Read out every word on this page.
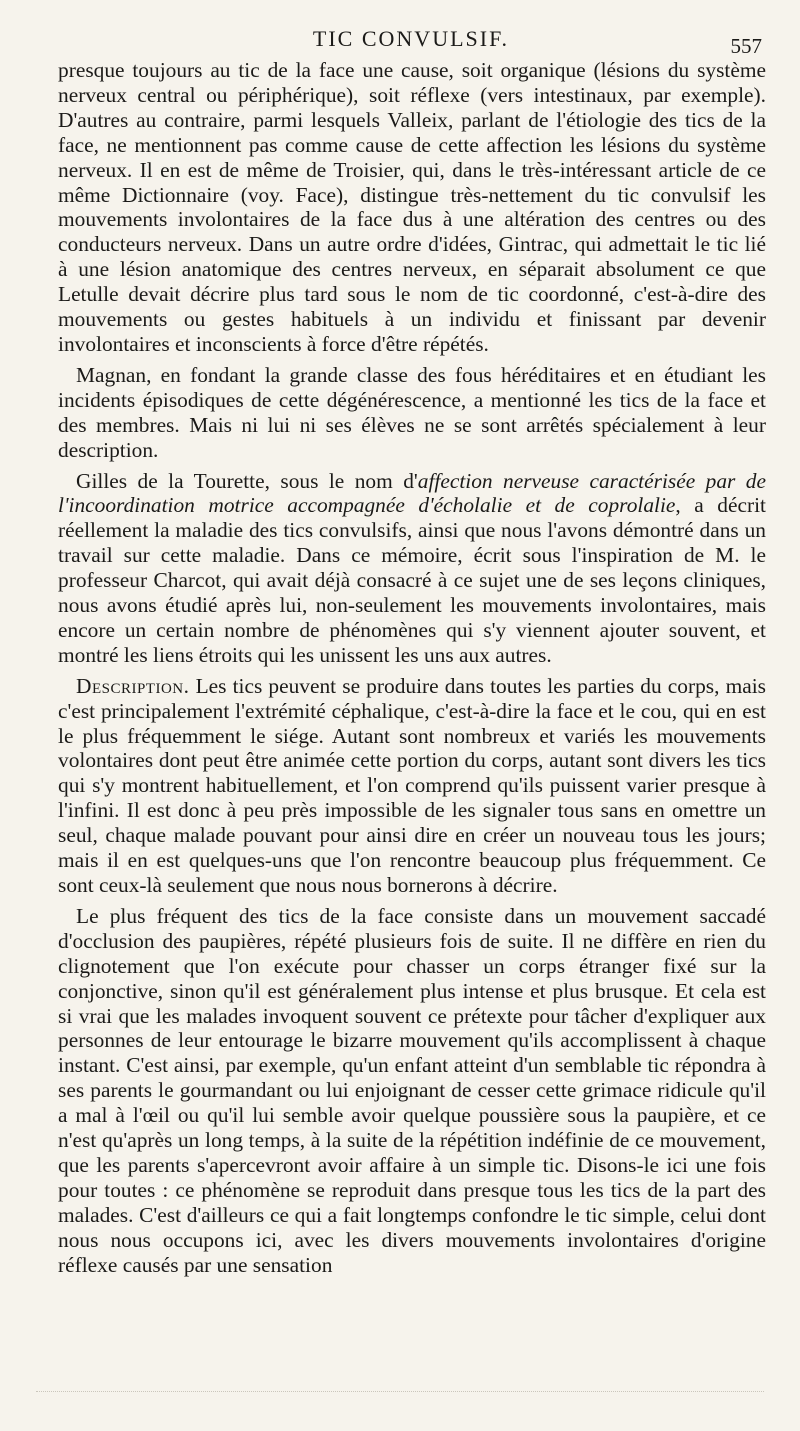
TIC CONVULSIF.	557

presque toujours au tic de la face une cause, soit organique (lésions du système nerveux central ou périphérique), soit réflexe (vers intestinaux, par exemple). D'autres au contraire, parmi lesquels Valleix, parlant de l'étiologie des tics de la face, ne mentionnent pas comme cause de cette affection les lésions du système nerveux. Il en est de même de Troisier, qui, dans le très-intéressant article de ce même Dictionnaire (voy. Face), distingue très-nettement du tic convulsif les mouvements involontaires de la face dus à une altération des centres ou des conducteurs nerveux. Dans un autre ordre d'idées, Gintrac, qui admettait le tic lié à une lésion anatomique des centres nerveux, en séparait absolument ce que Letulle devait décrire plus tard sous le nom de tic coordonné, c'est-à-dire des mouvements ou gestes habituels à un individu et finissant par devenir involontaires et inconscients à force d'être répétés.

Magnan, en fondant la grande classe des fous héréditaires et en étudiant les incidents épisodiques de cette dégénérescence, a mentionné les tics de la face et des membres. Mais ni lui ni ses élèves ne se sont arrêtés spécialement à leur description.

Gilles de la Tourette, sous le nom d'affection nerveuse caractérisée par de l'incoordination motrice accompagnée d'écholalie et de coprolalie, a décrit réellement la maladie des tics convulsifs, ainsi que nous l'avons démontré dans un travail sur cette maladie. Dans ce mémoire, écrit sous l'inspiration de M. le professeur Charcot, qui avait déjà consacré à ce sujet une de ses leçons cliniques, nous avons étudié après lui, non-seulement les mouvements involontaires, mais encore un certain nombre de phénomènes qui s'y viennent ajouter souvent, et montré les liens étroits qui les unissent les uns aux autres.

Description. Les tics peuvent se produire dans toutes les parties du corps, mais c'est principalement l'extrémité céphalique, c'est-à-dire la face et le cou, qui en est le plus fréquemment le siége. Autant sont nombreux et variés les mouvements volontaires dont peut être animée cette portion du corps, autant sont divers les tics qui s'y montrent habituellement, et l'on comprend qu'ils puissent varier presque à l'infini. Il est donc à peu près impossible de les signaler tous sans en omettre un seul, chaque malade pouvant pour ainsi dire en créer un nouveau tous les jours; mais il en est quelques-uns que l'on rencontre beaucoup plus fréquemment. Ce sont ceux-là seulement que nous nous bornerons à décrire.

Le plus fréquent des tics de la face consiste dans un mouvement saccadé d'occlusion des paupières, répété plusieurs fois de suite. Il ne diffère en rien du clignotement que l'on exécute pour chasser un corps étranger fixé sur la conjonctive, sinon qu'il est généralement plus intense et plus brusque. Et cela est si vrai que les malades invoquent souvent ce prétexte pour tâcher d'expliquer aux personnes de leur entourage le bizarre mouvement qu'ils accomplissent à chaque instant. C'est ainsi, par exemple, qu'un enfant atteint d'un semblable tic répondra à ses parents le gourmandant ou lui enjoignant de cesser cette grimace ridicule qu'il a mal à l'œil ou qu'il lui semble avoir quelque poussière sous la paupière, et ce n'est qu'après un long temps, à la suite de la répétition indéfinie de ce mouvement, que les parents s'apercevront avoir affaire à un simple tic. Disons-le ici une fois pour toutes : ce phénomène se reproduit dans presque tous les tics de la part des malades. C'est d'ailleurs ce qui a fait longtemps confondre le tic simple, celui dont nous nous occupons ici, avec les divers mouvements involontaires d'origine réflexe causés par une sensation
